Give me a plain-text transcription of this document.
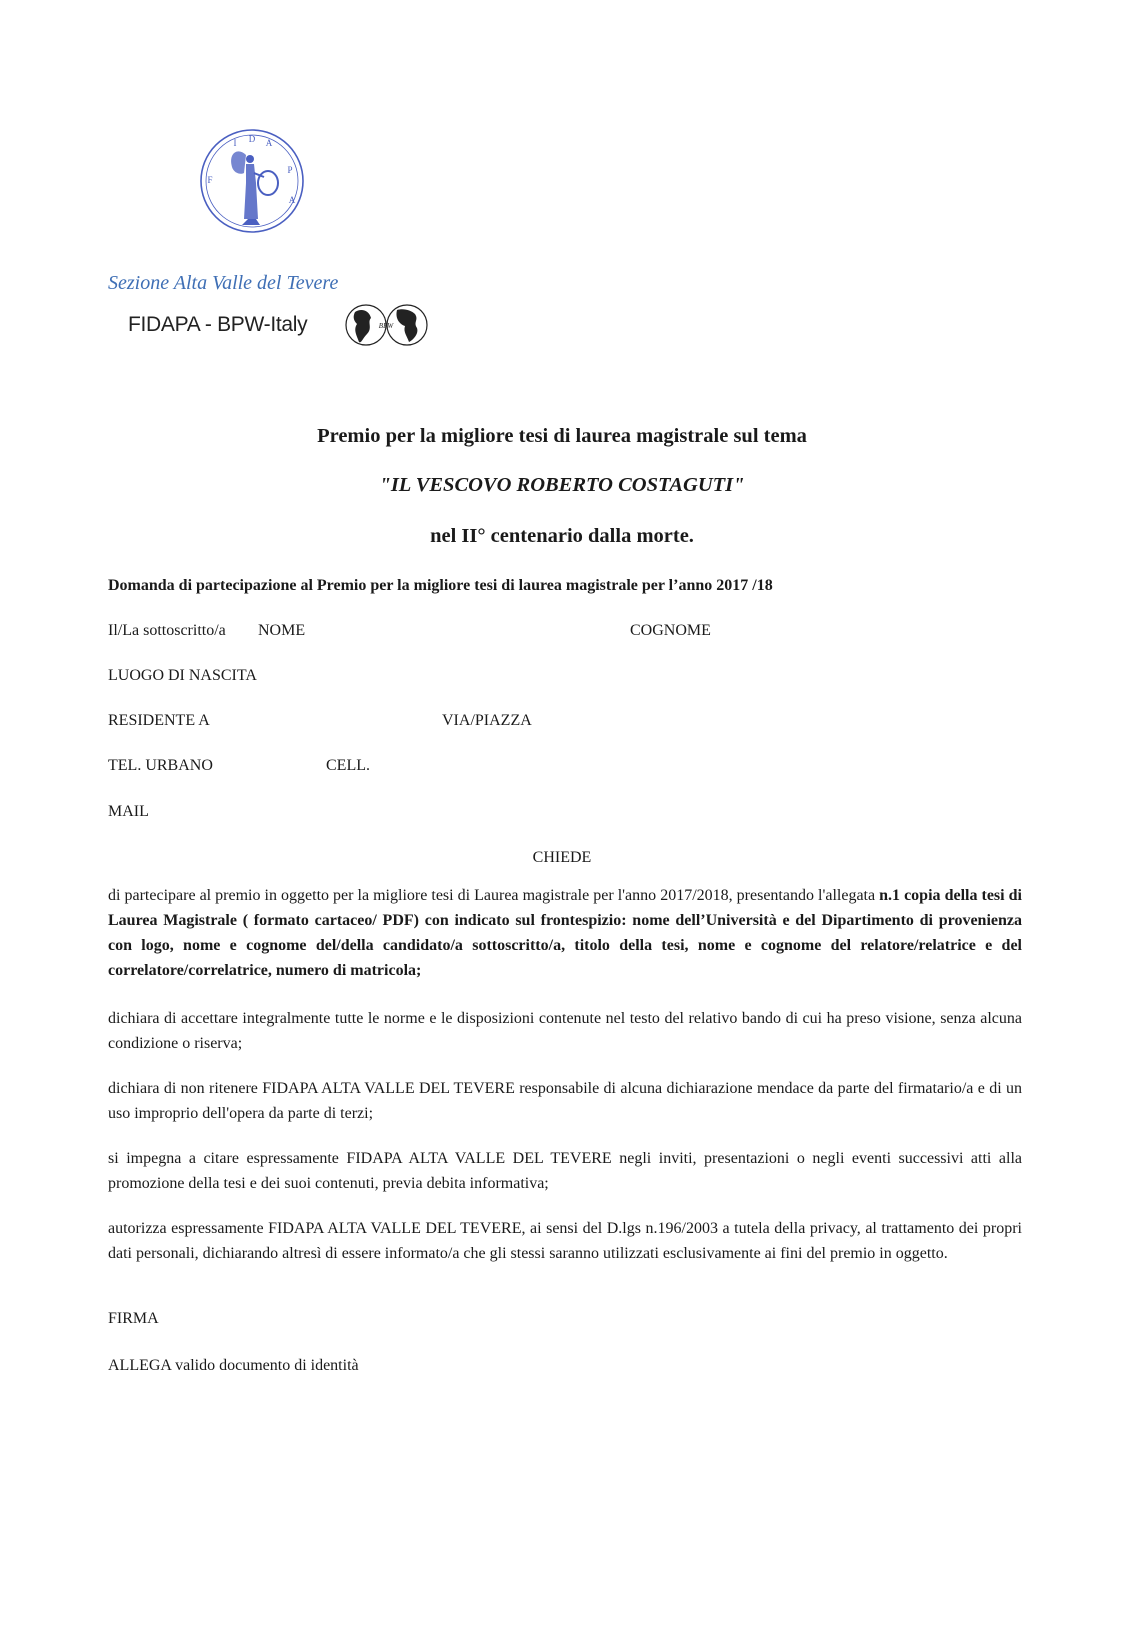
D
I	A
F
P
A
Sezione Alta Valle del Tevere
FIDAPA - BPW-Italy	BPW
Premio per la migliore tesi di laurea magistrale sul tema
"IL VESCOVO ROBERTO COSTAGUTI"
nel II° centenario dalla morte.
Domanda di partecipazione al Premio per la migliore tesi di laurea magistrale per l’anno 2017 /18
Il/La sottoscritto/a NOME	COGNOME
LUOGO DI NASCITA
RESIDENTE A	VIA/PIAZZA
TEL. URBANO	CELL.
MAIL
CHIEDE
di partecipare al premio in oggetto per la migliore tesi di Laurea magistrale per l'anno 2017/2018, presentando l'allegata n.1 copia della tesi di Laurea Magistrale ( formato cartaceo/ PDF) con indicato sul frontespizio: nome dell’Università e del Dipartimento di provenienza con logo, nome e cognome del/della candidato/a sottoscritto/a, titolo della tesi, nome e cognome del relatore/relatrice e del correlatore/correlatrice, numero di matricola;
dichiara di accettare integralmente tutte le norme e le disposizioni contenute nel testo del relativo bando di cui ha preso visione, senza alcuna condizione o riserva;
dichiara di non ritenere FIDAPA ALTA VALLE DEL TEVERE responsabile di alcuna dichiarazione mendace da parte del firmatario/a e di un uso improprio dell'opera da parte di terzi;
si impegna a citare espressamente FIDAPA ALTA VALLE DEL TEVERE negli inviti, presentazioni o negli eventi successivi atti alla promozione della tesi e dei suoi contenuti, previa debita informativa;
autorizza espressamente FIDAPA ALTA VALLE DEL TEVERE, ai sensi del D.lgs n.196/2003 a tutela della privacy, al trattamento dei propri dati personali, dichiarando altresì di essere informato/a che gli stessi saranno utilizzati esclusivamente ai fini del premio in oggetto.
FIRMA
ALLEGA valido documento di identità
